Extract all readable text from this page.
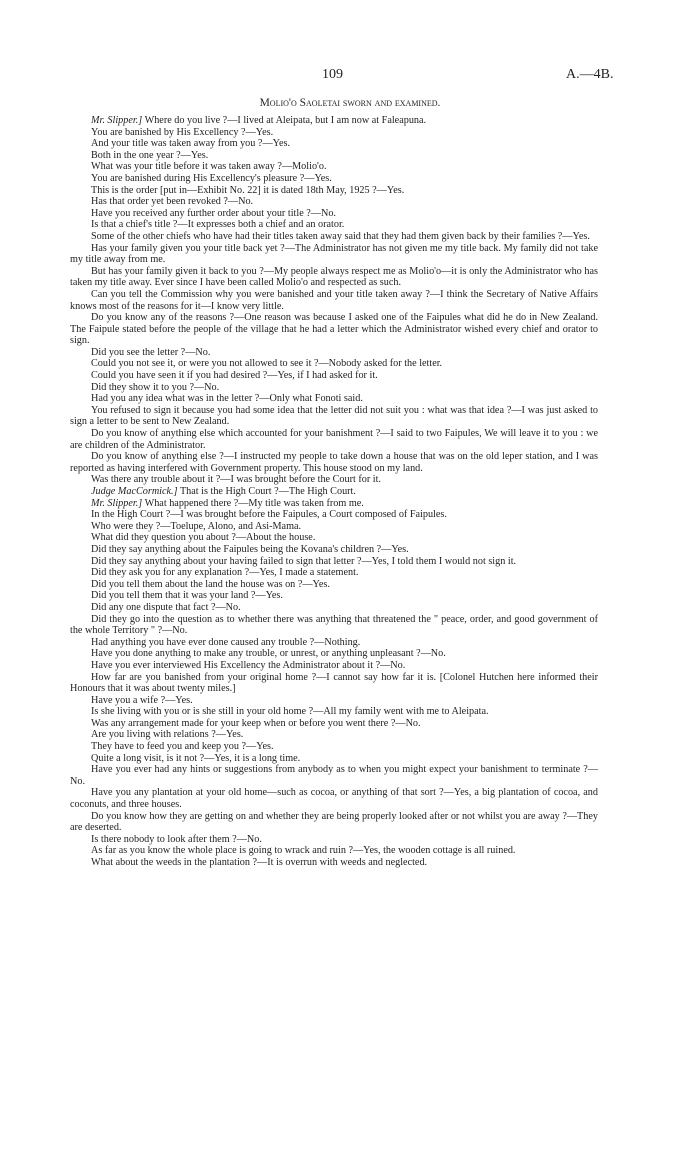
109	A.—4B.
Molio'o Saoletai sworn and examined.

Mr. Slipper.] Where do you live ?—I lived at Aleipata, but I am now at Faleapuna.

You are banished by His Excellency ?—Yes.

And your title was taken away from you ?—Yes.

Both in the one year ?—Yes.

What was your title before it was taken away ?—Molio'o.

You are banished during His Excellency's pleasure ?—Yes.

This is the order [put in—Exhibit No. 22] it is dated 18th May, 1925 ?—Yes.

Has that order yet been revoked ?—No.

Have you received any further order about your title ?—No.

Is that a chief's title ?—It expresses both a chief and an orator.

Some of the other chiefs who have had their titles taken away said that they had them given back by their families ?—Yes.

Has your family given you your title back yet ?—The Administrator has not given me my title back. My family did not take my title away from me.

But has your family given it back to you ?—My people always respect me as Molio'o—it is only the Administrator who has taken my title away. Ever since I have been called Molio'o and respected as such.

Can you tell the Commission why you were banished and your title taken away ?—I think the Secretary of Native Affairs knows most of the reasons for it—I know very little.

Do you know any of the reasons ?—One reason was because I asked one of the Faipules what did he do in New Zealand. The Faipule stated before the people of the village that he had a letter which the Administrator wished every chief and orator to sign.

Did you see the letter ?—No.

Could you not see it, or were you not allowed to see it ?—Nobody asked for the letter.

Could you have seen it if you had desired ?—Yes, if I had asked for it.

Did they show it to you ?—No.

Had you any idea what was in the letter ?—Only what Fonoti said.

You refused to sign it because you had some idea that the letter did not suit you : what was that idea ?—I was just asked to sign a letter to be sent to New Zealand.

Do you know of anything else which accounted for your banishment ?—I said to two Faipules, We will leave it to you : we are children of the Administrator.

Do you know of anything else ?—I instructed my people to take down a house that was on the old leper station, and I was reported as having interfered with Government property. This house stood on my land.

Was there any trouble about it ?—I was brought before the Court for it.

Judge MacCormick.] That is the High Court ?—The High Court.

Mr. Slipper.] What happened there ?—My title was taken from me.

In the High Court ?—I was brought before the Faipules, a Court composed of Faipules.

Who were they ?—Toelupe, Alono, and Asi-Mama.

What did they question you about ?—About the house.

Did they say anything about the Faipules being the Kovana's children ?—Yes.

Did they say anything about your having failed to sign that letter ?—Yes, I told them I would not sign it.

Did they ask you for any explanation ?—Yes, I made a statement.

Did you tell them about the land the house was on ?—Yes.

Did you tell them that it was your land ?—Yes.

Did any one dispute that fact ?—No.

Did they go into the question as to whether there was anything that threatened the " peace, order, and good government of the whole Territory " ?—No.

Had anything you have ever done caused any trouble ?—Nothing.

Have you done anything to make any trouble, or unrest, or anything unpleasant ?—No.

Have you ever interviewed His Excellency the Administrator about it ?—No.

How far are you banished from your original home ?—I cannot say how far it is. [Colonel Hutchen here informed their Honours that it was about twenty miles.]

Have you a wife ?—Yes.

Is she living with you or is she still in your old home ?—All my family went with me to Aleipata.

Was any arrangement made for your keep when or before you went there ?—No.

Are you living with relations ?—Yes.

They have to feed you and keep you ?—Yes.

Quite a long visit, is it not ?—Yes, it is a long time.

Have you ever had any hints or suggestions from anybody as to when you might expect your banishment to terminate ?—No.

Have you any plantation at your old home—such as cocoa, or anything of that sort ?—Yes, a big plantation of cocoa, and coconuts, and three houses.

Do you know how they are getting on and whether they are being properly looked after or not whilst you are away ?—They are deserted.

Is there nobody to look after them ?—No.

As far as you know the whole place is going to wrack and ruin ?—Yes, the wooden cottage is all ruined.

What about the weeds in the plantation ?—It is overrun with weeds and neglected.
